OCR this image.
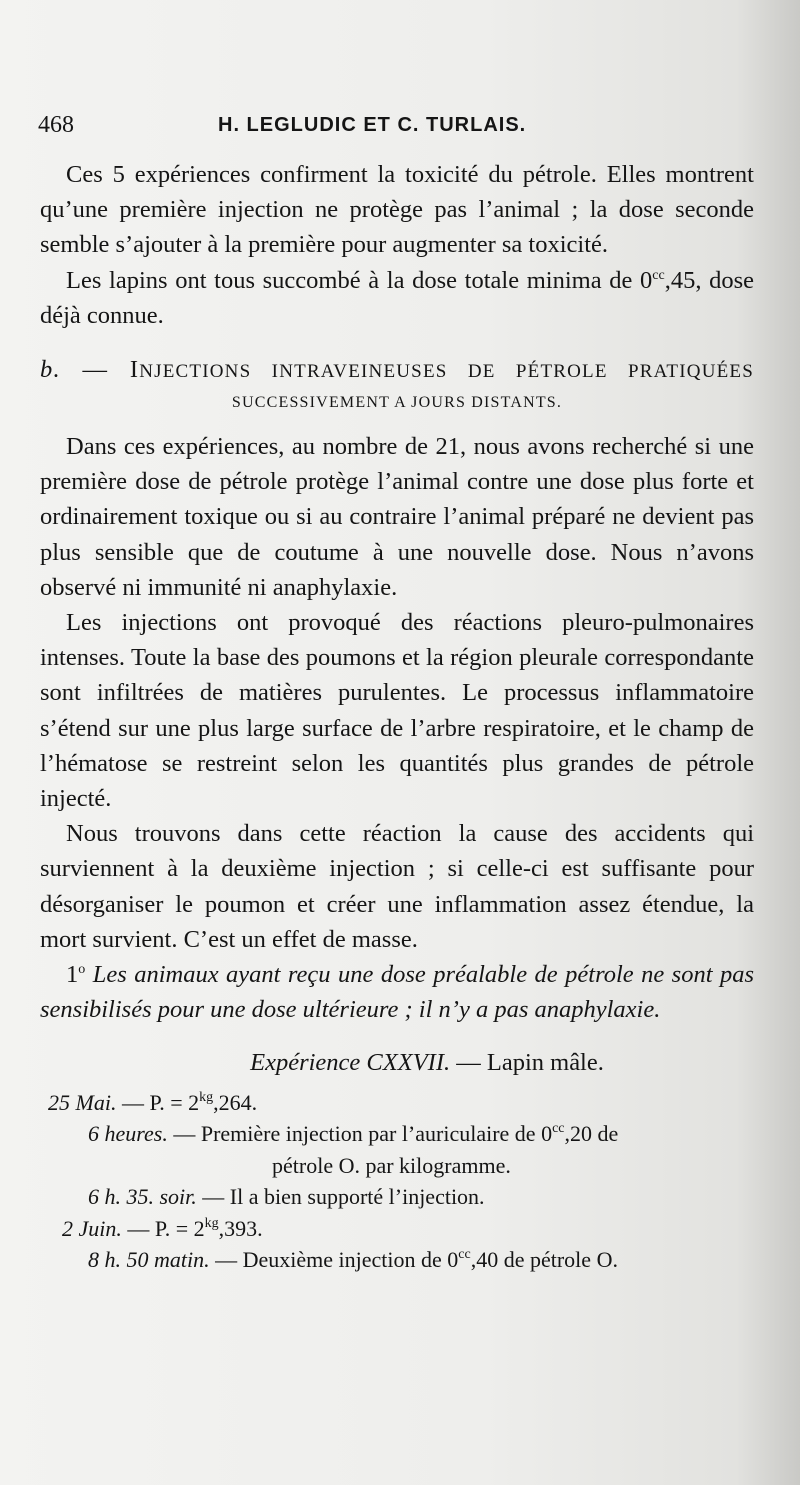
468	H. LEGLUDIC ET C. TURLAIS.

Ces 5 expériences confirment la toxicité du pétrole. Elles montrent qu’une première injection ne protège pas l’animal ; la dose seconde semble s’ajouter à la première pour augmenter sa toxicité.

Les lapins ont tous succombé à la dose totale minima de $0^{cc},45$, dose déjà connue.

b. — INJECTIONS INTRAVEINEUSES DE PÉTROLE PRATIQUÉES

SUCCESSIVEMENT A JOURS DISTANTS.

Dans ces expériences, au nombre de 21, nous avons recherché si une première dose de pétrole protège l’animal contre une dose plus forte et ordinairement toxique ou si au contraire l’animal préparé ne devient pas plus sensible que de coutume à une nouvelle dose. Nous n’avons observé ni immunité ni anaphylaxie.

Les injections ont provoqué des réactions pleuro-pulmonaires intenses. Toute la base des poumons et la région pleurale correspondante sont infiltrées de matières purulentes. Le processus inflammatoire s’étend sur une plus large surface de l’arbre respiratoire, et le champ de l’hématose se restreint selon les quantités plus grandes de pétrole injecté.

Nous trouvons dans cette réaction la cause des accidents qui surviennent à la deuxième injection ; si celle-ci est suffisante pour désorganiser le poumon et créer une inflammation assez étendue, la mort survient. C’est un effet de masse.

1$^o$ Les animaux ayant reçu une dose préalable de pétrole ne sont pas sensibilisés pour une dose ultérieure ; il n’y a pas anaphylaxie.

Expérience CXXVII. — Lapin mâle.

25 Mai. — P. = $2^{kg},264$.
6 heures. — Première injection par l’auriculaire de $0^{cc},20$ de
pétrole O. par kilogramme.
6 h. 35. soir. — Il a bien supporté l’injection.
2 Juin. — P. = $2^{kg},393$.
8 h. 50 matin. — Deuxième injection de $0^{cc},40$ de pétrole O.
